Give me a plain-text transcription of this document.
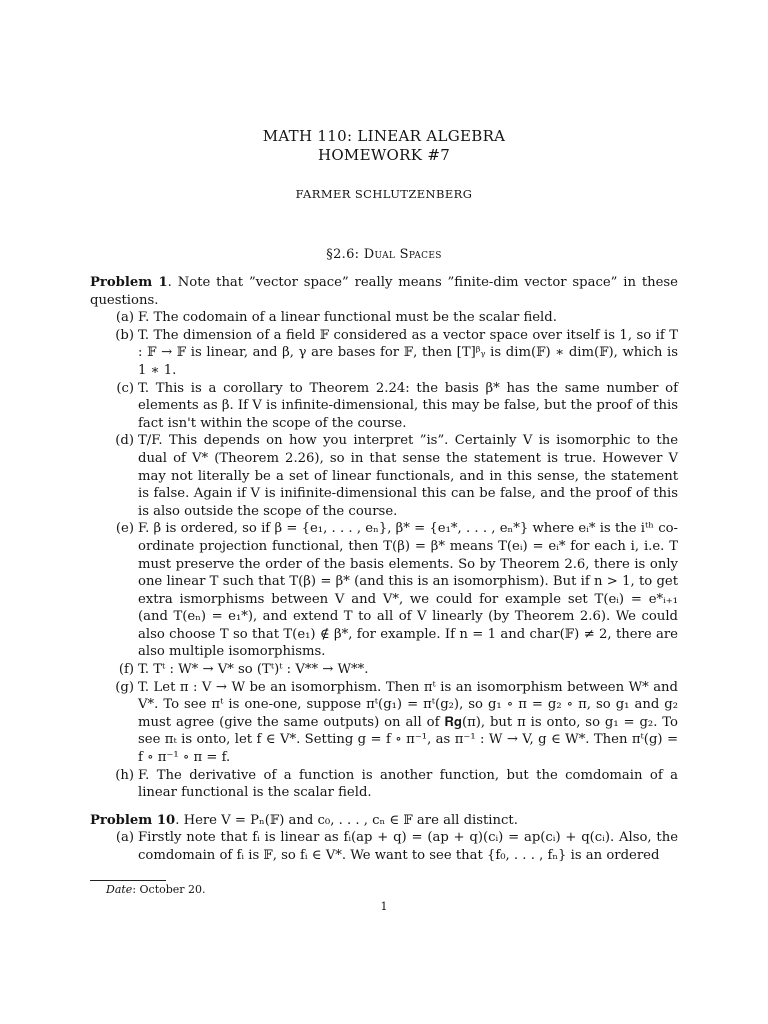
MATH 110: LINEAR ALGEBRA
HOMEWORK #7
FARMER SCHLUTZENBERG
§2.6: Dual Spaces

Problem 1. Note that ”vector space” really means ”finite-dim vector space” in these questions.

(a) F. The codomain of a linear functional must be the scalar field.
(b) T. The dimension of a field 𝔽 considered as a vector space over itself is 1, so if T : 𝔽 → 𝔽 is linear, and β, γ are bases for 𝔽, then [T]ᵝᵧ is dim(𝔽) ∗ dim(𝔽), which is 1 ∗ 1.
(c) T. This is a corollary to Theorem 2.24: the basis β* has the same number of elements as β. If V is infinite-dimensional, this may be false, but the proof of this fact isn't within the scope of the course.
(d) T/F. This depends on how you interpret ”is”. Certainly V is isomorphic to the dual of V* (Theorem 2.26), so in that sense the statement is true. However V may not literally be a set of linear functionals, and in this sense, the statement is false. Again if V is inifinite-dimensional this can be false, and the proof of this is also outside the scope of the course.
(e) F. β is ordered, so if β = {e₁, . . . , eₙ}, β* = {e₁*, . . . , eₙ*} where eᵢ* is the iᵗʰ co-ordinate projection functional, then T(β) = β* means T(eᵢ) = eᵢ* for each i, i.e. T must preserve the order of the basis elements. So by Theorem 2.6, there is only one linear T such that T(β) = β* (and this is an isomorphism). But if n > 1, to get extra ismorphisms between V and V*, we could for example set T(eᵢ) = e*ᵢ₊₁ (and T(eₙ) = e₁*), and extend T to all of V linearly (by Theorem 2.6). We could also choose T so that T(e₁) ∉ β*, for example. If n = 1 and char(𝔽) ≠ 2, there are also multiple isomorphisms.
(f) T. Tᵗ : W* → V* so (Tᵗ)ᵗ : V** → W**.
(g) T. Let π : V → W be an isomorphism. Then πᵗ is an isomorphism between W* and V*. To see πᵗ is one-one, suppose πᵗ(g₁) = πᵗ(g₂), so g₁ ∘ π = g₂ ∘ π, so g₁ and g₂ must agree (give the same outputs) on all of 𝐑𝐠(π), but π is onto, so g₁ = g₂. To see πₜ is onto, let f ∈ V*. Setting g = f ∘ π⁻¹, as π⁻¹ : W → V, g ∈ W*. Then πᵗ(g) = f ∘ π⁻¹ ∘ π = f.
(h) F. The derivative of a function is another function, but the comdomain of a linear functional is the scalar field.

Problem 10. Here V = Pₙ(𝔽) and c₀, . . . , cₙ ∈ 𝔽 are all distinct.

(a) Firstly note that fᵢ is linear as fᵢ(ap + q) = (ap + q)(cᵢ) = ap(cᵢ) + q(cᵢ). Also, the comdomain of fᵢ is 𝔽, so fᵢ ∈ V*. We want to see that {f₀, . . . , fₙ} is an ordered
Date: October 20.
1
